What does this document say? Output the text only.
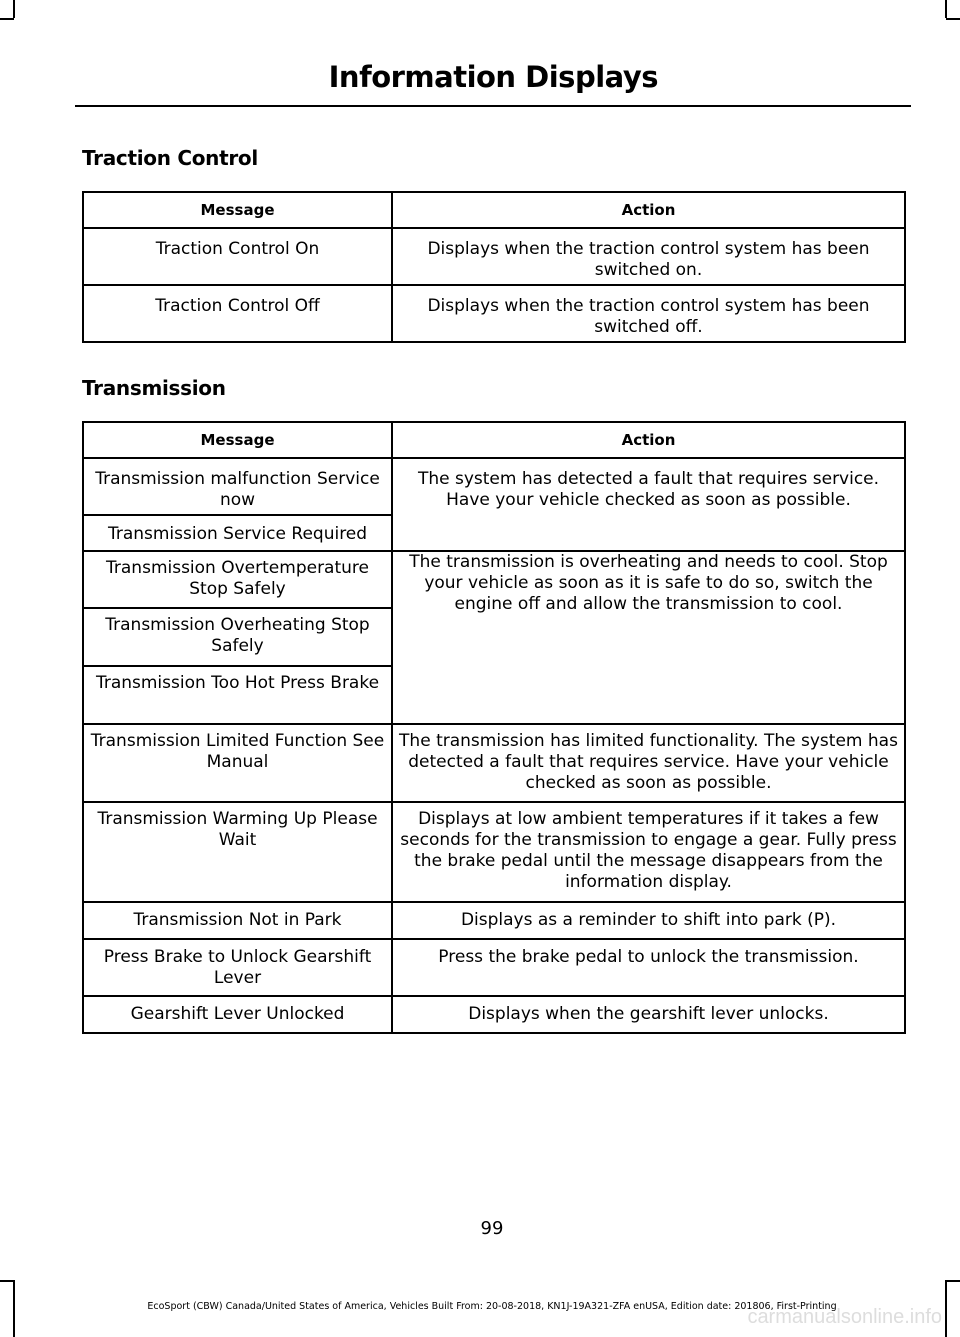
Information Displays
Traction Control
Message	Action
Traction Control On	Displays when the traction control system has been switched on.
Traction Control Off	Displays when the traction control system has been switched off.
Transmission
Message	Action
Transmission malfunction Service now	The system has detected a fault that requires service. Have your vehicle checked as soon as possible.
Transmission Service Required	
Transmission Overtemperature Stop Safely	The transmission is overheating and needs to cool. Stop your vehicle as soon as it is safe to do so, switch the engine off and allow the transmission to cool.
Transmission Overheating Stop Safely	
Transmission Too Hot Press Brake	
Transmission Limited Function See Manual	The transmission has limited functionality. The system has detected a fault that requires service. Have your vehicle checked as soon as possible.
Transmission Warming Up Please Wait	Displays at low ambient temperatures if it takes a few seconds for the transmission to engage a gear. Fully press the brake pedal until the message disappears from the information display.
Transmission Not in Park	Displays as a reminder to shift into park (P).
Press Brake to Unlock Gearshift Lever	Press the brake pedal to unlock the transmission.
Gearshift Lever Unlocked	Displays when the gearshift lever unlocks.
99
EcoSport (CBW) Canada/United States of America, Vehicles Built From: 20-08-2018, KN1J-19A321-ZFA enUSA, Edition date: 201806, First-Printing
carmanualsonline.info
